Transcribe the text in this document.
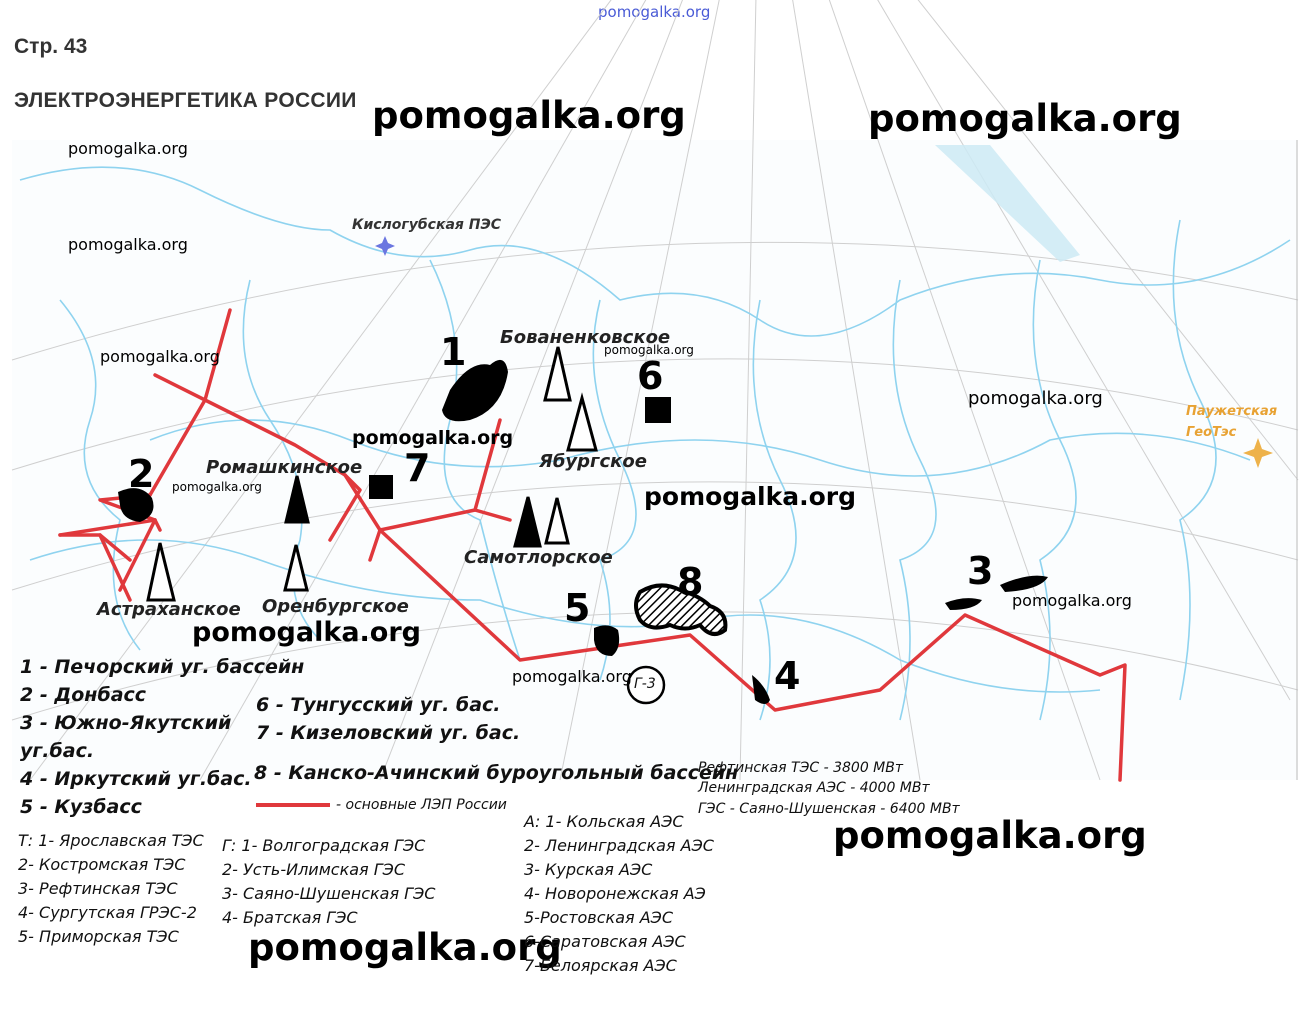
pomogalka.org
Стр. 43
ЭЛЕКТРОЭНЕРГЕТИКА РОССИИ
Кислогубская ПЭС
Бованенковское
Ябургское
Ромашкинское
Самотлорское
Астраханское Оренбургское
Паужетская
ГеоТэс
Г-3
1
2
3
4
5
6
7
8
pomogalka.org	pomogalka.org
pomogalka.org
pomogalka.org
pomogalka.org
pomogalka.org
pomogalka.org
pomogalka.org
pomogalka.org
pomogalka.org
pomogalka.org
pomogalka.org
pomogalka.org
pomogalka.org
pomogalka.org
1 - Печорский уг. бассейн
2 - Донбасс
3 - Южно-Якутский
уг.бас.
4 - Иркутский уг.бас.
5 - Кузбасс
6 - Тунгусский уг. бас.
7 - Кизеловский уг. бас.
8 - Канско-Ачинский буроугольный бассейн
- основные ЛЭП России
Рефтинская ТЭС - 3800 МВт
Ленинградская АЭС - 4000 МВт
ГЭС - Саяно-Шушенская - 6400 МВт
Т: 1- Ярославская ТЭС
2- Костромская ТЭС
3- Рефтинская ТЭС
4- Сургутская ГРЭС-2
5- Приморская ТЭС
Г: 1- Волгоградская ГЭС
2- Усть-Илимская ГЭС
3- Саяно-Шушенская ГЭС
4- Братская ГЭС
А: 1- Кольская АЭС
2- Ленинградская АЭС
3- Курская АЭС
4- Новоронежская АЭ
5-Ростовская АЭС
6-Саратовская АЭС
7-Белоярская АЭС
